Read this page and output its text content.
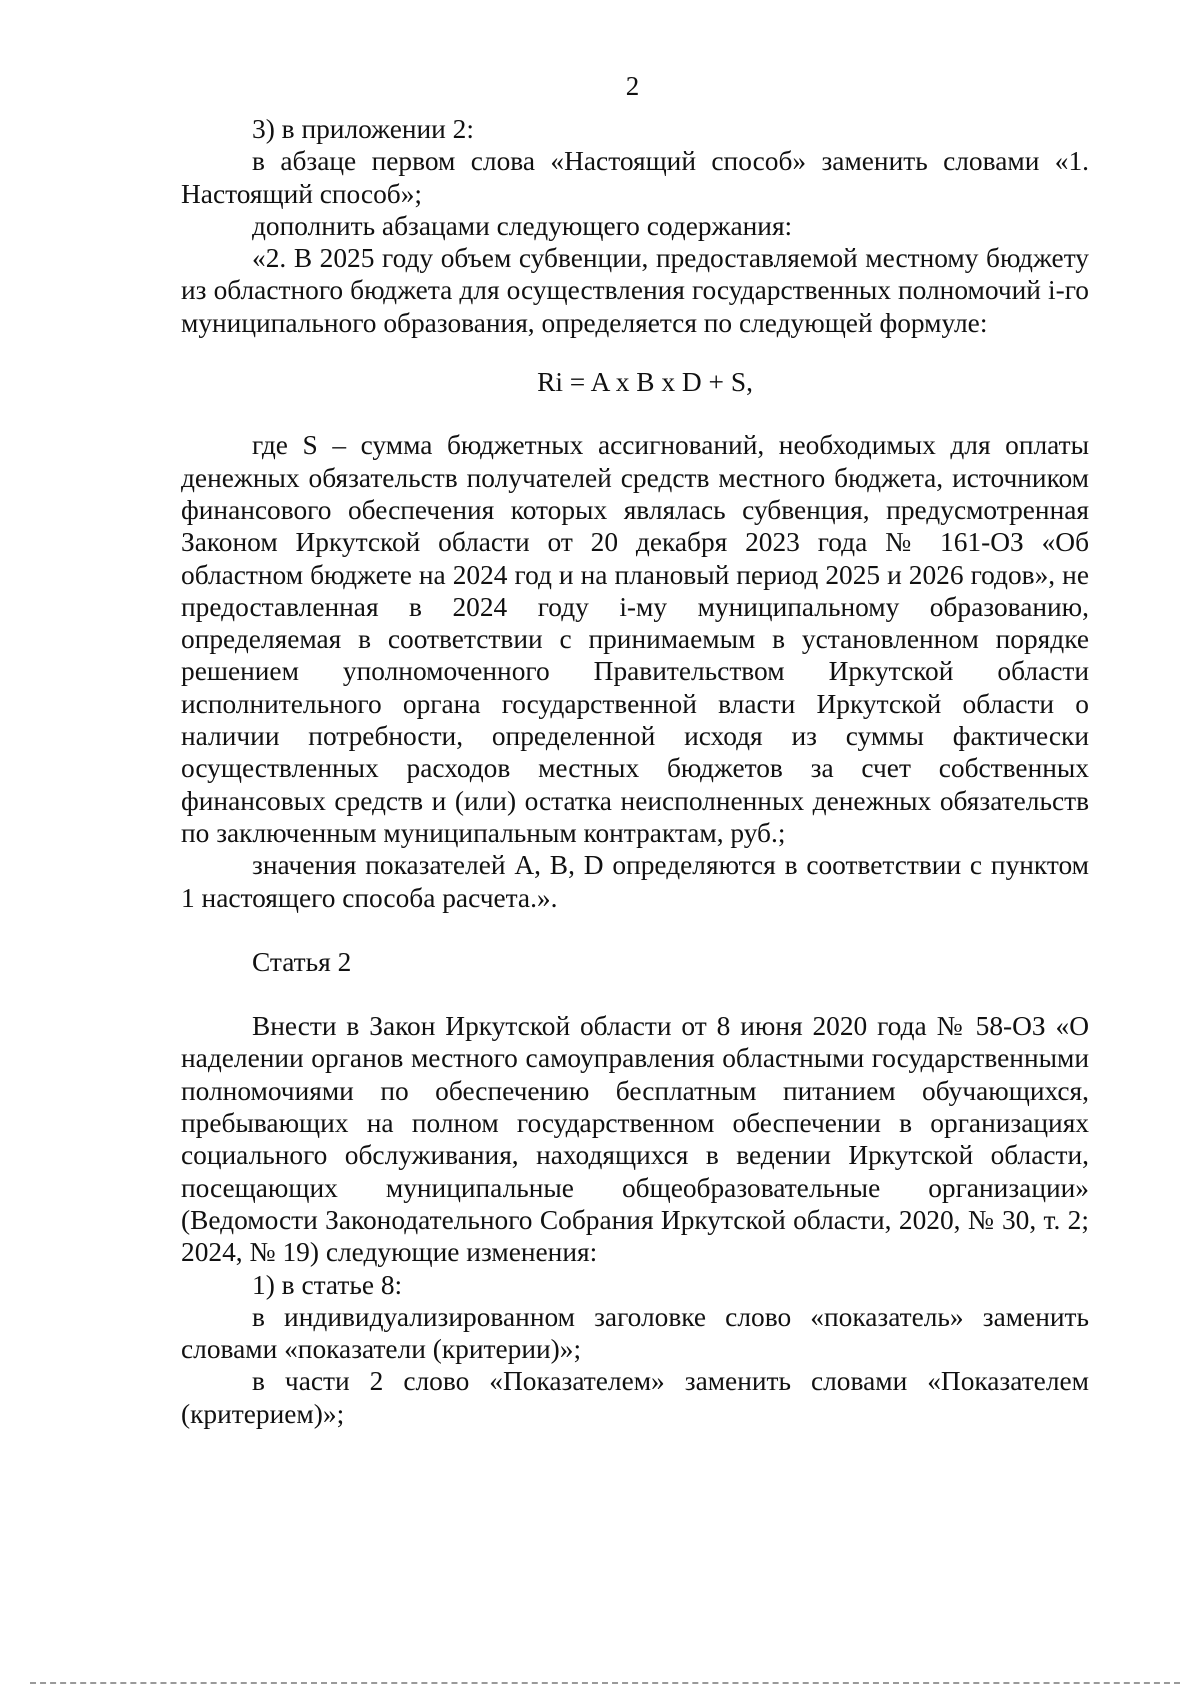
2

3) в приложении 2:

в абзаце первом слова «Настоящий способ» заменить словами «1. Настоящий способ»;

дополнить абзацами следующего содержания:

«2. В 2025 году объем субвенции, предоставляемой местному бюджету из областного бюджета для осуществления государственных полномочий i-го муниципального образования, определяется по следующей формуле:

Ri = A x B x D + S,

где S – сумма бюджетных ассигнований, необходимых для оплаты денежных обязательств получателей средств местного бюджета, источником финансового обеспечения которых являлась субвенция, предусмотренная Законом Иркутской области от 20 декабря 2023 года № 161-ОЗ «Об областном бюджете на 2024 год и на плановый период 2025 и 2026 годов», не предоставленная в 2024 году i-му муниципальному образованию, определяемая в соответствии с принимаемым в установленном порядке решением уполномоченного Правительством Иркутской области исполнительного органа государственной власти Иркутской области о наличии потребности, определенной исходя из суммы фактически осуществленных расходов местных бюджетов за счет собственных финансовых средств и (или) остатка неисполненных денежных обязательств по заключенным муниципальным контрактам, руб.;

значения показателей A, B, D определяются в соответствии с пунктом 1 настоящего способа расчета.».

Статья 2

Внести в Закон Иркутской области от 8 июня 2020 года № 58-ОЗ «О наделении органов местного самоуправления областными государственными полномочиями по обеспечению бесплатным питанием обучающихся, пребывающих на полном государственном обеспечении в организациях социального обслуживания, находящихся в ведении Иркутской области, посещающих муниципальные общеобразовательные организации» (Ведомости Законодательного Собрания Иркутской области, 2020, № 30, т. 2; 2024, № 19) следующие изменения:

1) в статье 8:

в индивидуализированном заголовке слово «показатель» заменить словами «показатели (критерии)»;

в части 2 слово «Показателем» заменить словами «Показателем (критерием)»;
